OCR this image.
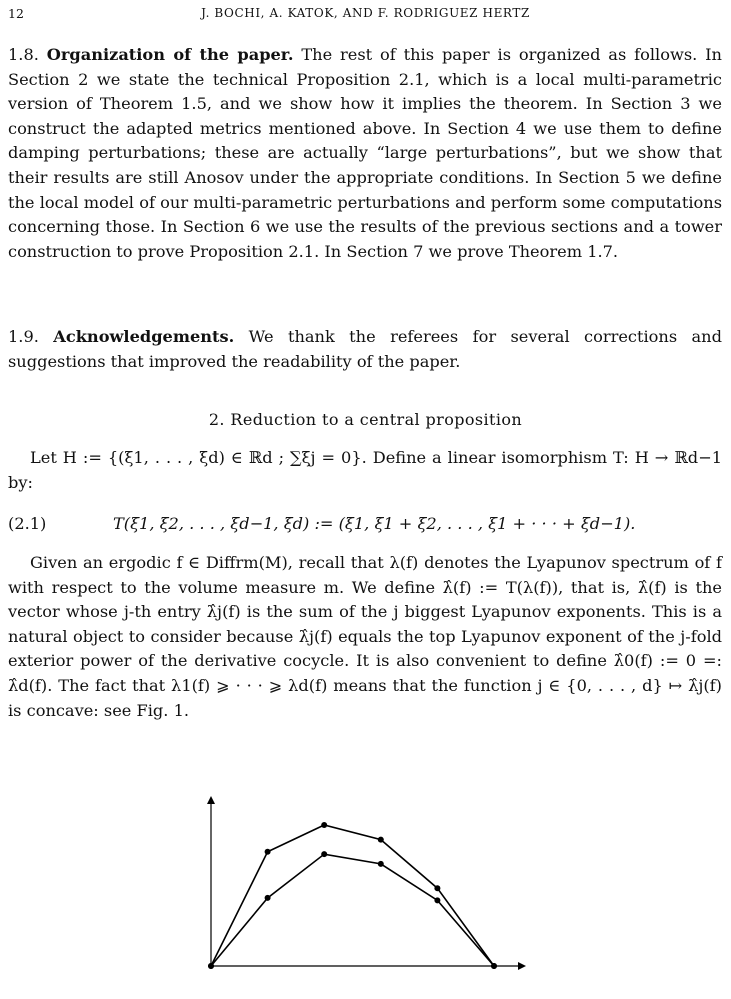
12	J. BOCHI, A. KATOK, AND F. RODRIGUEZ HERTZ
1.8. Organization of the paper. The rest of this paper is organized as follows. In Section 2 we state the technical Proposition 2.1, which is a local multi-parametric version of Theorem 1.5, and we show how it implies the theorem. In Section 3 we construct the adapted metrics mentioned above. In Section 4 we use them to define damping perturbations; these are actually “large perturbations”, but we show that their results are still Anosov under the appropriate conditions. In Section 5 we define the local model of our multi-parametric perturbations and perform some computations concerning those. In Section 6 we use the results of the previous sections and a tower construction to prove Proposition 2.1. In Section 7 we prove Theorem 1.7.
1.9. Acknowledgements. We thank the referees for several corrections and suggestions that improved the readability of the paper.
2. Reduction to a central proposition
Let H := {(ξ1, . . . , ξd) ∈ ℝd ; ∑ξj = 0}. Define a linear isomorphism T: H → ℝd−1 by:
(2.1)	T(ξ1, ξ2, . . . , ξd−1, ξd) := (ξ1, ξ1 + ξ2, . . . , ξ1 + · · · + ξd−1).
Given an ergodic f ∈ Diffrm(M), recall that λ(f) denotes the Lyapunov spectrum of f with respect to the volume measure m. We define λ̂(f) := T(λ(f)), that is, λ̂(f) is the vector whose j-th entry λ̂j(f) is the sum of the j biggest Lyapunov exponents. This is a natural object to consider because λ̂j(f) equals the top Lyapunov exponent of the j-fold exterior power of the derivative cocycle. It is also convenient to define λ̂0(f) := 0 =: λ̂d(f). The fact that λ1(f) ⩾ · · · ⩾ λd(f) means that the function j ∈ {0, . . . , d} ↦ λ̂j(f) is concave: see Fig. 1.
